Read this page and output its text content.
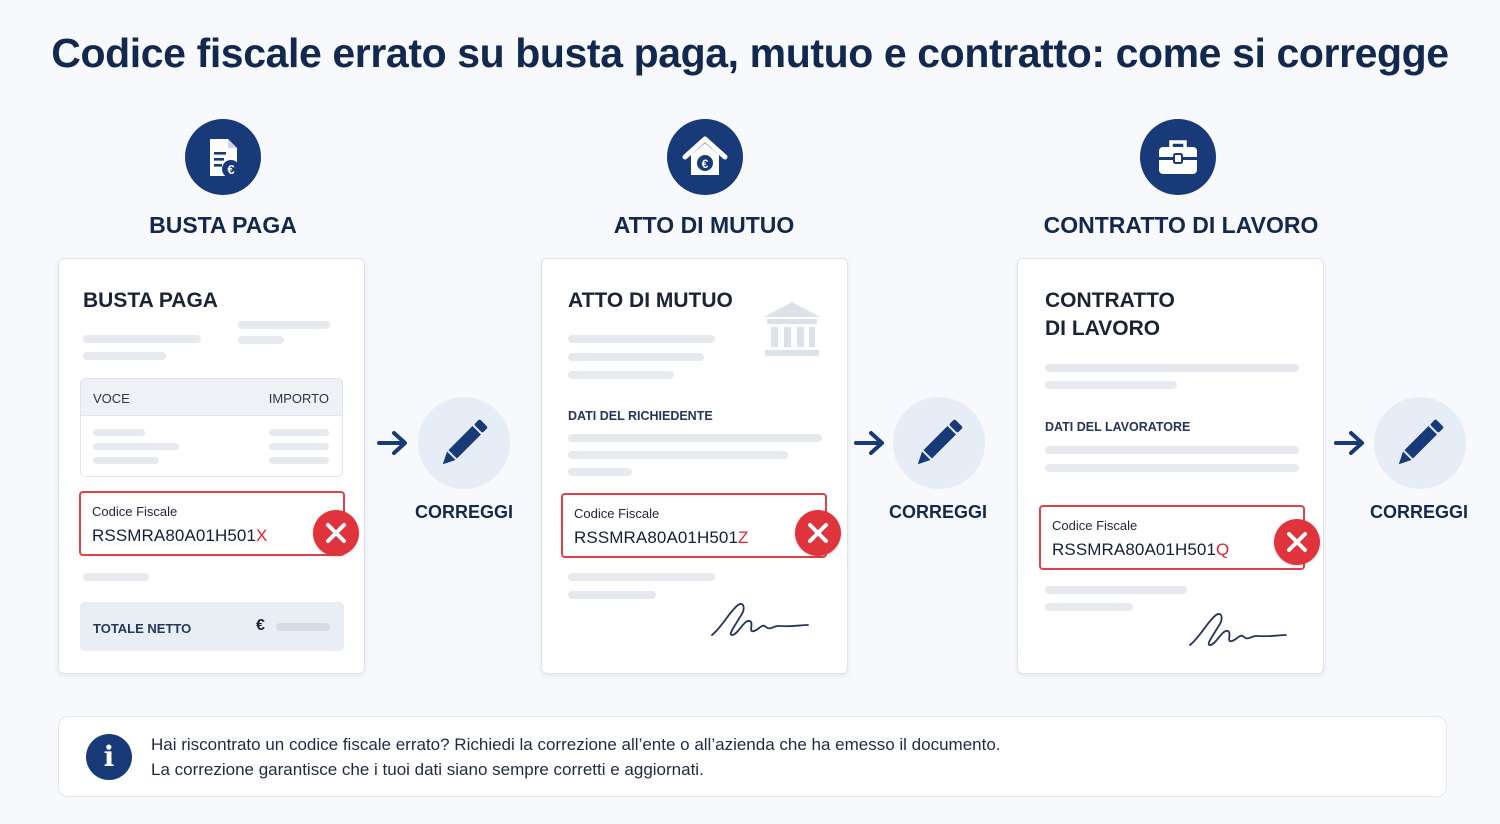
Codice fiscale errato su busta paga, mutuo e contratto: come si corregge
€
BUSTA PAGA
BUSTA PAGA
VOCE	IMPORTO
Codice Fiscale
RSSMRA80A01H501X
TOTALE NETTO	€
CORREGGI
€
ATTO DI MUTUO
ATTO DI MUTUO
DATI DEL RICHIEDENTE
Codice Fiscale
RSSMRA80A01H501Z
CORREGGI
CONTRATTO DI LAVORO
CONTRATTO
DI LAVORO
DATI DEL LAVORATORE
Codice Fiscale
RSSMRA80A01H501Q
CORREGGI
i	Hai riscontrato un codice fiscale errato? Richiedi la correzione all’ente o all’azienda che ha emesso il documento.
La correzione garantisce che i tuoi dati siano sempre corretti e aggiornati.
